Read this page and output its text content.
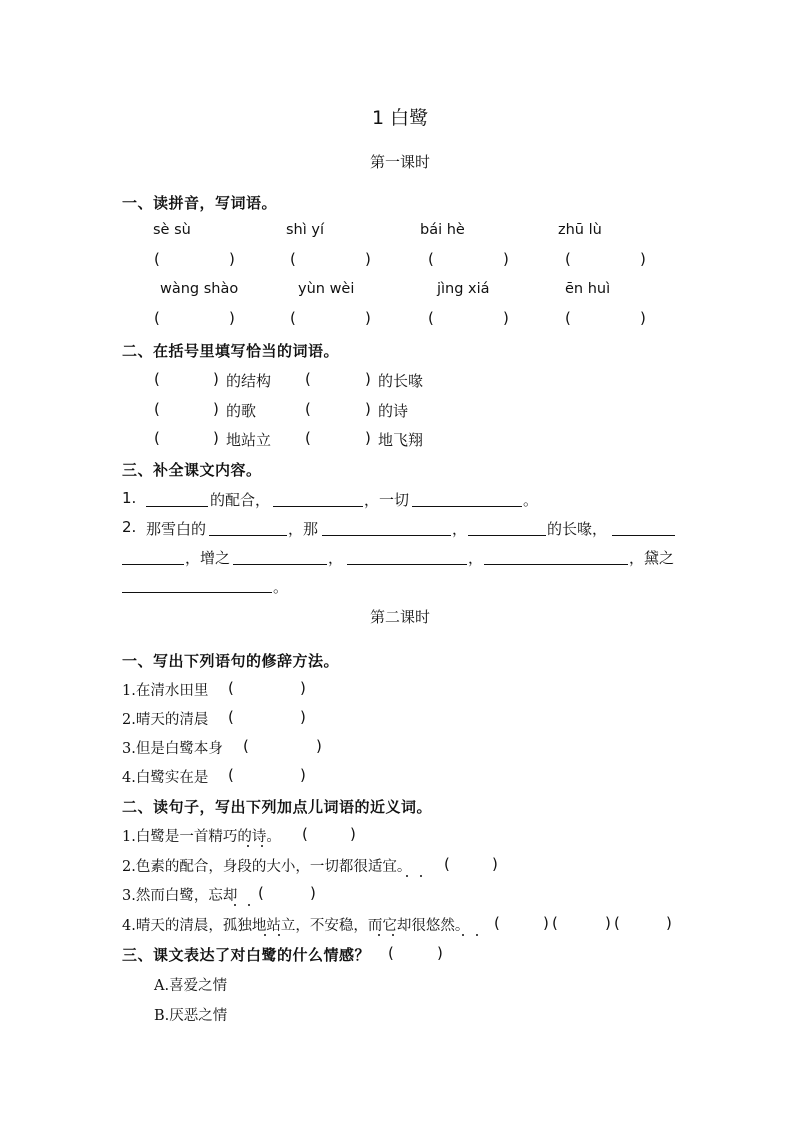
1 白鹭
第一课时
一、读拼音，写词语。
sè sù	shì yí	bái hè	zhū lù
(	)	(	)	(	)	(	)
wàng shào	yùn wèi	jìng xiá	ēn huì
(	)	(	)	(	)	(	)
二、在括号里填写恰当的词语。
(	) 的结构 (	) 的长喙
(	) 的歌	(	) 的诗
(	) 地站立 (	) 地飞翔
三、补全课文内容。
1.	的配合，	，一切	。
2. 那雪白的	，那	，	的长喙，
，增之	，	，	，黛之
。
第二课时
一、写出下列语句的修辞方法。
1.在清水田里 (	)
2.晴天的清晨 (	)
3.但是白鹭本身 (	)
4.白鹭实在是 (	)
二、读句子，写出下列加点儿词语的近义词。
1.白鹭是一首精巧的诗。 (	)
2.色素的配合，身段的大小，一切都很适宜。 (	)
3.然而白鹭，忘却 (	)
4.晴天的清晨，孤独地站立，不安稳，而它却很悠然。 (	) (	) (	)
三、课文表达了对白鹭的什么情感？ (	)
A.喜爱之情
B.厌恶之情
